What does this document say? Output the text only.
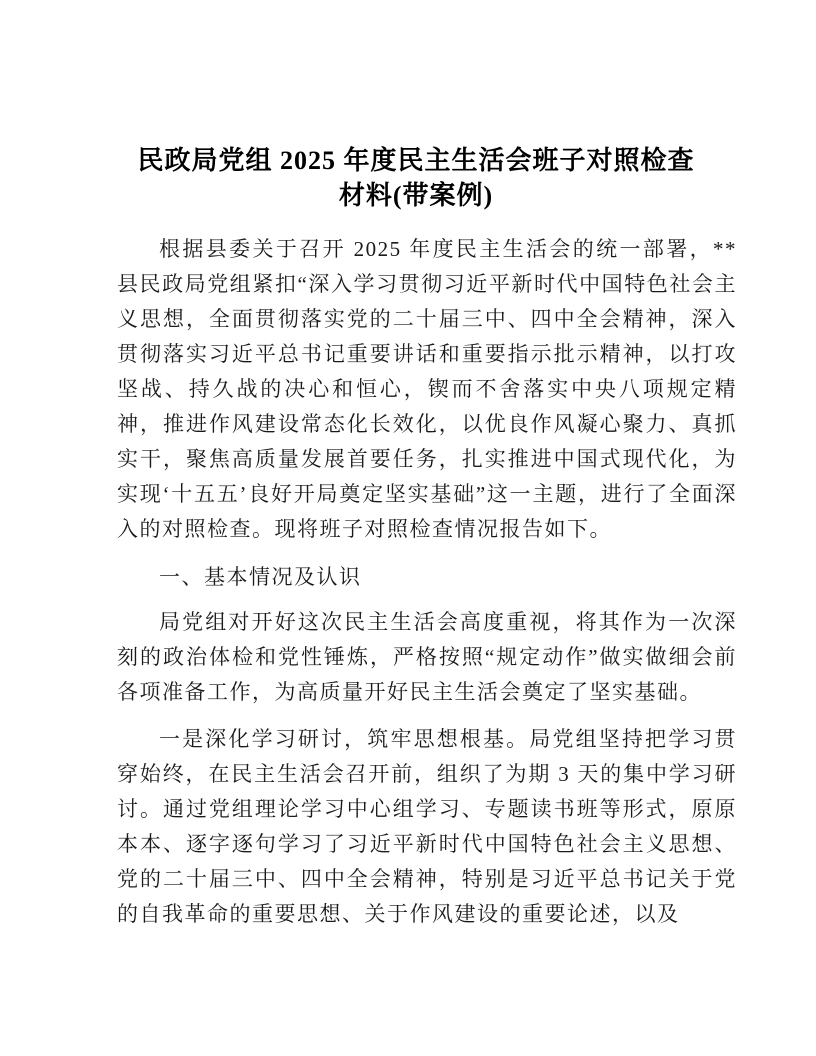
民政局党组 2025 年度民主生活会班子对照检查
材料(带案例)

根据县委关于召开 2025 年度民主生活会的统一部署，**县民政局党组紧扣“深入学习贯彻习近平新时代中国特色社会主义思想，全面贯彻落实党的二十届三中、四中全会精神，深入贯彻落实习近平总书记重要讲话和重要指示批示精神，以打攻坚战、持久战的决心和恒心，锲而不舍落实中央八项规定精神，推进作风建设常态化长效化，以优良作风凝心聚力、真抓实干，聚焦高质量发展首要任务，扎实推进中国式现代化，为实现‘十五五’良好开局奠定坚实基础”这一主题，进行了全面深入的对照检查。现将班子对照检查情况报告如下。

一、基本情况及认识

局党组对开好这次民主生活会高度重视，将其作为一次深刻的政治体检和党性锤炼，严格按照“规定动作”做实做细会前各项准备工作，为高质量开好民主生活会奠定了坚实基础。

一是深化学习研讨，筑牢思想根基。局党组坚持把学习贯穿始终，在民主生活会召开前，组织了为期 3 天的集中学习研讨。通过党组理论学习中心组学习、专题读书班等形式，原原本本、逐字逐句学习了习近平新时代中国特色社会主义思想、党的二十届三中、四中全会精神，特别是习近平总书记关于党的自我革命的重要思想、关于作风建设的重要论述，以及
